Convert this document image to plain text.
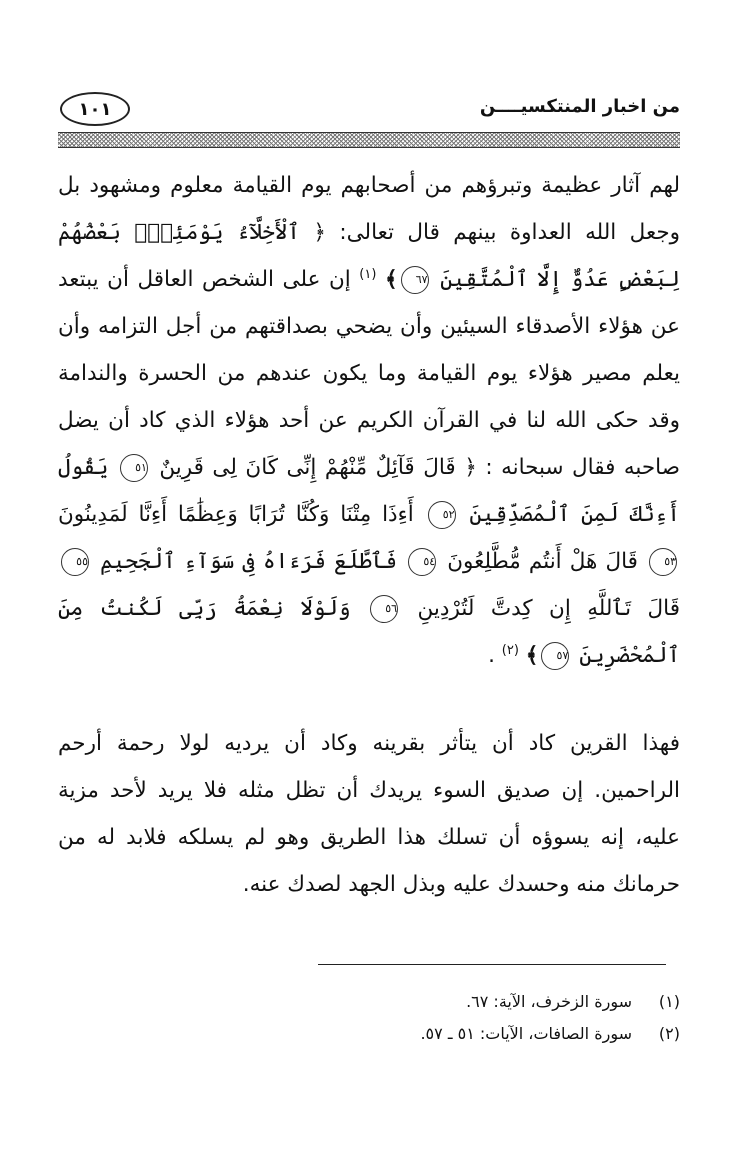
١٠١	من اخبار المنتكسيــــن
لهم آثار عظيمة وتبرؤهم من أصحابهم يوم القيامة معلوم ومشهود بل وجعل الله العداوة بينهم قال تعالى: ﴿ ٱلْأَخِلَّآءُ يَوْمَئِذٍۭ بَعْضُهُمْ لِبَعْضٍ عَدُوٌّ إِلَّا ٱلْمُتَّقِينَ ٦٧﴾ $^{(١)}$ إن على الشخص العاقل أن يبتعد عن هؤلاء الأصدقاء السيئين وأن يضحي بصداقتهم من أجل التزامه وأن يعلم مصير هؤلاء يوم القيامة وما يكون عندهم من الحسرة والندامة وقد حكى الله لنا في القرآن الكريم عن أحد هؤلاء الذي كاد أن يضل صاحبه فقال سبحانه : ﴿ قَالَ قَآئِلٌ مِّنْهُمْ إِنِّى كَانَ لِى قَرِينٌ ٥١ يَقُولُ أَءِنَّكَ لَمِنَ ٱلْمُصَدِّقِينَ ٥٢ أَءِذَا مِتْنَا وَكُنَّا تُرَابًا وَعِظَٰمًا أَءِنَّا لَمَدِينُونَ ٥٣ قَالَ هَلْ أَنتُم مُّطَّلِعُونَ ٥٤ فَٱطَّلَعَ فَرَءَاهُ فِى سَوَآءِ ٱلْجَحِيمِ ٥٥ قَالَ تَٱللَّهِ إِن كِدتَّ لَتُرْدِينِ ٥٦ وَلَوْلَا نِعْمَةُ رَبِّى لَكُنتُ مِنَ ٱلْمُحْضَرِينَ ٥٧﴾ $^{(٢)}$ .
فهذا القرين كاد أن يتأثر بقرينه وكاد أن يرديه لولا رحمة أرحم الراحمين. إن صديق السوء يريدك أن تظل مثله فلا يريد لأحد مزية عليه، إنه يسوؤه أن تسلك هذا الطريق وهو لم يسلكه فلابد له من حرمانك منه وحسدك عليه وبذل الجهد لصدك عنه.
(١)
سورة الزخرف، الآية: ٦٧.
(٢)
سورة الصافات، الآيات: ٥١ ـ ٥٧.
